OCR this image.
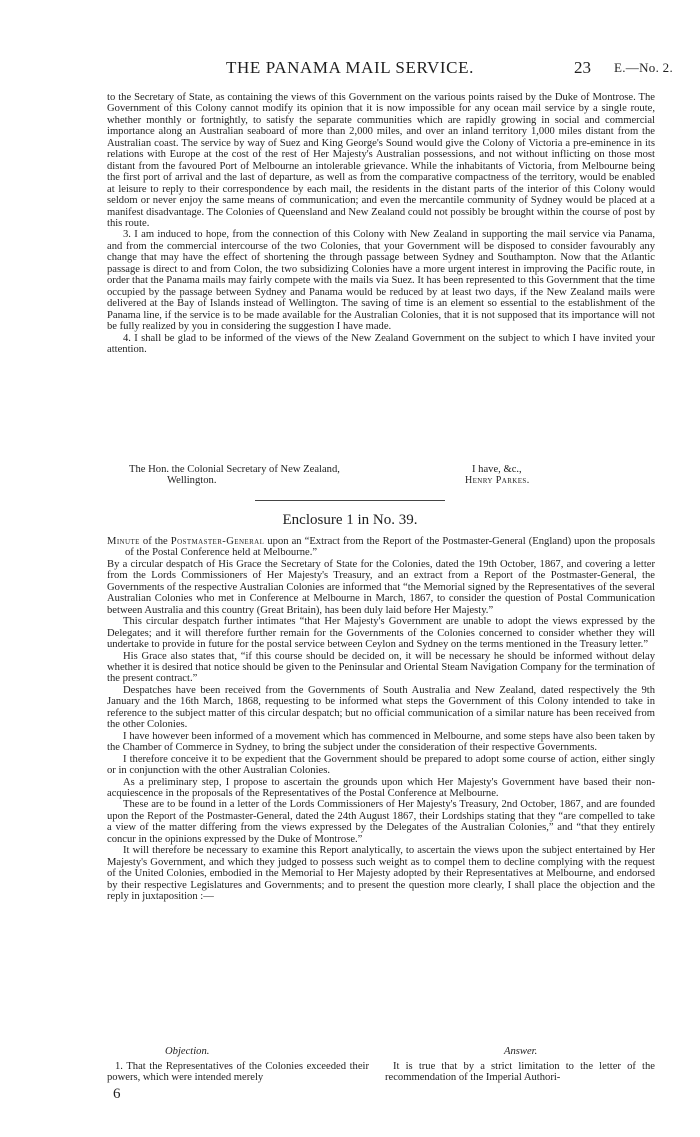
THE PANAMA MAIL SERVICE.	23 E.—No. 2.

to the Secretary of State, as containing the views of this Government on the various points raised by the Duke of Montrose. The Government of this Colony cannot modify its opinion that it is now impossible for any ocean mail service by a single route, whether monthly or fortnightly, to satisfy the separate communities which are rapidly growing in social and commercial importance along an Australian seaboard of more than 2,000 miles, and over an inland territory 1,000 miles distant from the Australian coast. The service by way of Suez and King George's Sound would give the Colony of Victoria a pre-eminence in its relations with Europe at the cost of the rest of Her Majesty's Australian possessions, and not without inflicting on those most distant from the favoured Port of Melbourne an intolerable grievance. While the inhabitants of Victoria, from Melbourne being the first port of arrival and the last of departure, as well as from the comparative compactness of the territory, would be enabled at leisure to reply to their correspondence by each mail, the residents in the distant parts of the interior of this Colony would seldom or never enjoy the same means of communication; and even the mercantile community of Sydney would be placed at a manifest disadvantage. The Colonies of Queensland and New Zealand could not possibly be brought within the course of post by this route.

3. I am induced to hope, from the connection of this Colony with New Zealand in supporting the mail service via Panama, and from the commercial intercourse of the two Colonies, that your Government will be disposed to consider favourably any change that may have the effect of shortening the through passage between Sydney and Southampton. Now that the Atlantic passage is direct to and from Colon, the two subsidizing Colonies have a more urgent interest in improving the Pacific route, in order that the Panama mails may fairly compete with the mails via Suez. It has been represented to this Government that the time occupied by the passage between Sydney and Panama would be reduced by at least two days, if the New Zealand mails were delivered at the Bay of Islands instead of Wellington. The saving of time is an element so essential to the establishment of the Panama line, if the service is to be made available for the Australian Colonies, that it is not supposed that its importance will not be fully realized by you in considering the suggestion I have made.

4. I shall be glad to be informed of the views of the New Zealand Government on the subject to which I have invited your attention.

The Hon. the Colonial Secretary of New Zealand,
Wellington.
I have, &c.,
Henry Parkes.
Enclosure 1 in No. 39.

Minute of the Postmaster-General upon an “Extract from the Report of the Postmaster-General (England) upon the proposals of the Postal Conference held at Melbourne.”

By a circular despatch of His Grace the Secretary of State for the Colonies, dated the 19th October, 1867, and covering a letter from the Lords Commissioners of Her Majesty's Treasury, and an extract from a Report of the Postmaster-General, the Governments of the respective Australian Colonies are informed that “the Memorial signed by the Representatives of the several Australian Colonies who met in Conference at Melbourne in March, 1867, to consider the question of Postal Communication between Australia and this country (Great Britain), has been duly laid before Her Majesty.”

This circular despatch further intimates “that Her Majesty's Government are unable to adopt the views expressed by the Delegates; and it will therefore further remain for the Governments of the Colonies concerned to consider whether they will undertake to provide in future for the postal service between Ceylon and Sydney on the terms mentioned in the Treasury letter.”

His Grace also states that, “if this course should be decided on, it will be necessary he should be informed without delay whether it is desired that notice should be given to the Peninsular and Oriental Steam Navigation Company for the termination of the present contract.”

Despatches have been received from the Governments of South Australia and New Zealand, dated respectively the 9th January and the 16th March, 1868, requesting to be informed what steps the Government of this Colony intended to take in reference to the subject matter of this circular despatch; but no official communication of a similar nature has been received from the other Colonies.

I have however been informed of a movement which has commenced in Melbourne, and some steps have also been taken by the Chamber of Commerce in Sydney, to bring the subject under the consideration of their respective Governments.

I therefore conceive it to be expedient that the Government should be prepared to adopt some course of action, either singly or in conjunction with the other Australian Colonies.

As a preliminary step, I propose to ascertain the grounds upon which Her Majesty's Government have based their non-acquiescence in the proposals of the Representatives of the Postal Conference at Melbourne.

These are to be found in a letter of the Lords Commissioners of Her Majesty's Treasury, 2nd October, 1867, and are founded upon the Report of the Postmaster-General, dated the 24th August 1867, their Lordships stating that they “are compelled to take a view of the matter differing from the views expressed by the Delegates of the Australian Colonies,” and “that they entirely concur in the opinions expressed by the Duke of Montrose.”

It will therefore be necessary to examine this Report analytically, to ascertain the views upon the subject entertained by Her Majesty's Government, and which they judged to possess such weight as to compel them to decline complying with the request of the United Colonies, embodied in the Memorial to Her Majesty adopted by their Representatives at Melbourne, and endorsed by their respective Legislatures and Governments; and to present the question more clearly, I shall place the objection and the reply in juxtaposition :—

Objection.	Answer.

1. That the Representatives of the Colonies exceeded their powers, which were intended merely

It is true that by a strict limitation to the letter of the recommendation of the Imperial Authori-

6
